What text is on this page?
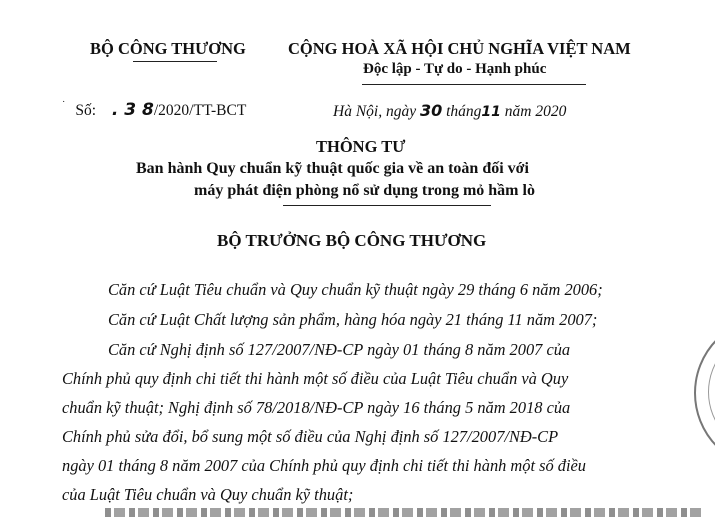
BỘ CÔNG THƯƠNG	CỘNG HOÀ XÃ HỘI CHỦ NGHĨA VIỆT NAM
Độc lập - Tự do - Hạnh phúc
˙ Số: . 3 8/2020/TT-BCT	Hà Nội, ngày 30 tháng11 năm 2020
THÔNG TƯ
Ban hành Quy chuẩn kỹ thuật quốc gia về an toàn đối với
máy phát điện phòng nổ sử dụng trong mỏ hầm lò
BỘ TRƯỞNG BỘ CÔNG THƯƠNG

Căn cứ Luật Tiêu chuẩn và Quy chuẩn kỹ thuật ngày 29 tháng 6 năm 2006;

Căn cứ Luật Chất lượng sản phẩm, hàng hóa ngày 21 tháng 11 năm 2007;

Căn cứ Nghị định số 127/2007/NĐ-CP ngày 01 tháng 8 năm 2007 của

Chính phủ quy định chi tiết thi hành một số điều của Luật Tiêu chuẩn và Quy

chuẩn kỹ thuật; Nghị định số 78/2018/NĐ-CP ngày 16 tháng 5 năm 2018 của

Chính phủ sửa đổi, bổ sung một số điều của Nghị định số 127/2007/NĐ-CP

ngày 01 tháng 8 năm 2007 của Chính phủ quy định chi tiết thi hành một số điều

của Luật Tiêu chuẩn và Quy chuẩn kỹ thuật;
